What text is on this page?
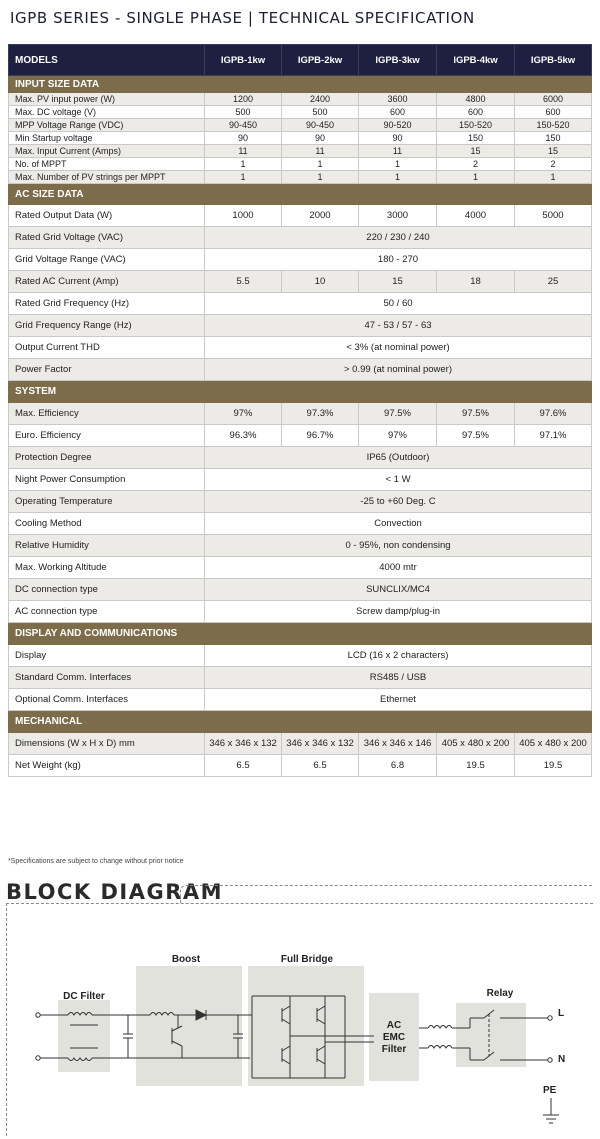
IGPB SERIES - SINGLE PHASE | TECHNICAL SPECIFICATION
MODELS	IGPB-1kw	IGPB-2kw	IGPB-3kw	IGPB-4kw	IGPB-5kw
INPUT SIZE DATA					
Max. PV input power (W)	1200	2400	3600	4800	6000
Max. DC voltage (V)	500	500	600	600	600
MPP Voltage Range (VDC)	90-450	90-450	90-520	150-520	150-520
Min Startup voltage	90	90	90	150	150
Max. Input Current (Amps)	11	11	11	15	15
No. of MPPT	1	1	1	2	2
Max. Number of PV strings per MPPT	1	1	1	1	1
AC SIZE DATA					
Rated Output Data (W)	1000	2000	3000	4000	5000
Rated Grid Voltage (VAC)	220 / 230 / 240				
Grid Voltage Range (VAC)	180 - 270				
Rated AC Current (Amp)	5.5	10	15	18	25
Rated Grid Frequency (Hz)	50 / 60				
Grid Frequency Range (Hz)	47 - 53 / 57 - 63				
Output Current THD	< 3% (at nominal power)				
Power Factor	> 0.99 (at nominal power)				
SYSTEM					
Max. Efficiency	97%	97.3%	97.5%	97.5%	97.6%
Euro. Efficiency	96.3%	96.7%	97%	97.5%	97.1%
Protection Degree	IP65 (Outdoor)				
Night Power Consumption	< 1 W				
Operating Temperature	-25 to +60 Deg. C				
Cooling Method	Convection				
Relative Humidity	0 - 95%, non condensing				
Max. Working Altitude	4000 mtr				
DC connection type	SUNCLIX/MC4				
AC connection type	Screw damp/plug-in				
DISPLAY AND COMMUNICATIONS					
Display	LCD (16 x 2 characters)				
Standard Comm. Interfaces	RS485 / USB				
Optional Comm. Interfaces	Ethernet				
MECHANICAL					
Dimensions (W x H x D) mm	346 x 346 x 132	346 x 346 x 132	346 x 346 x 146	405 x 480 x 200	405 x 480 x 200
Net Weight (kg)	6.5	6.5	6.8	19.5	19.5
*Specifications are subject to change without prior notice
BLOCK DIAGRAM
DC Filter
Boost	Full Bridge
AC
EMC
Filter
Relay
L
N
PE
